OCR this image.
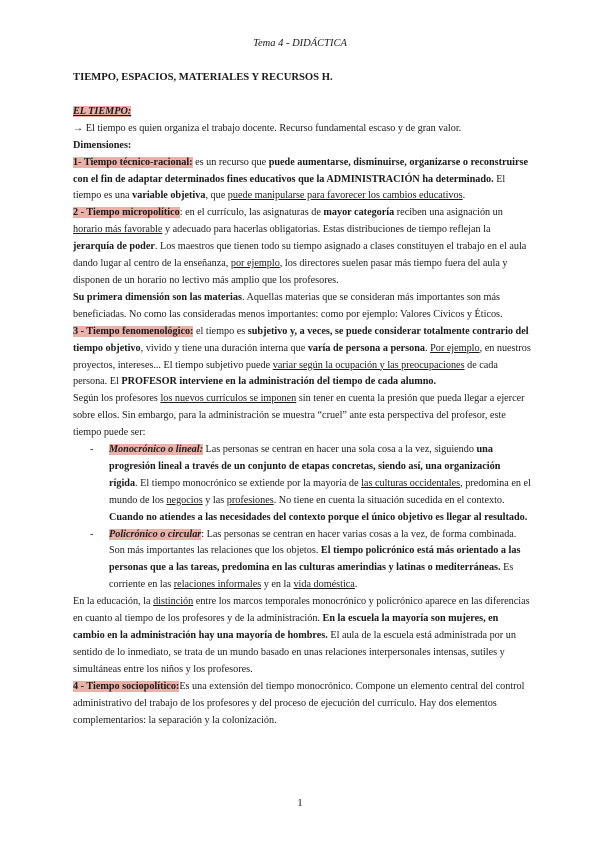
Tema 4 - DIDÁCTICA

TIEMPO, ESPACIOS, MATERIALES Y RECURSOS H.

EL TIEMPO:

→ El tiempo es quien organiza el trabajo docente. Recurso fundamental escaso y de gran valor.

Dimensiones:

1- Tiempo técnico-racional: es un recurso que puede aumentarse, disminuirse, organizarse o reconstruirse con el fin de adaptar determinados fines educativos que la ADMINISTRACIÓN ha determinado. El tiempo es una variable objetiva, que puede manipularse para favorecer los cambios educativos.

2 - Tiempo micropolítico: en el currículo, las asignaturas de mayor categoría reciben una asignación un horario más favorable y adecuado para hacerlas obligatorias. Estas distribuciones de tiempo reflejan la jerarquía de poder. Los maestros que tienen todo su tiempo asignado a clases constituyen el trabajo en el aula dando lugar al centro de la enseñanza, por ejemplo, los directores suelen pasar más tiempo fuera del aula y disponen de un horario no lectivo más amplio que los profesores.

Su primera dimensión son las materias. Aquellas materias que se consideran más importantes son más beneficiadas. No como las consideradas menos importantes: como por ejemplo: Valores Cívicos y Éticos.

3 - Tiempo fenomenológico: el tiempo es subjetivo y, a veces, se puede considerar totalmente contrario del tiempo objetivo, vivido y tiene una duración interna que varía de persona a persona. Por ejemplo, en nuestros proyectos, intereses... El tiempo subjetivo puede variar según la ocupación y las preocupaciones de cada persona. El PROFESOR interviene en la administración del tiempo de cada alumno.

Según los profesores los nuevos currículos se imponen sin tener en cuenta la presión que pueda llegar a ejercer sobre ellos. Sin embargo, para la administración se muestra “cruel” ante esta perspectiva del profesor, este tiempo puede ser:

- Monocrónico o lineal: Las personas se centran en hacer una sola cosa a la vez, siguiendo una progresión lineal a través de un conjunto de etapas concretas, siendo así, una organización rígida. El tiempo monocrónico se extiende por la mayoría de las culturas occidentales, predomina en el mundo de los negocios y las profesiones. No tiene en cuenta la situación sucedida en el contexto. Cuando no atiendes a las necesidades del contexto porque el único objetivo es llegar al resultado.
- Policrónico o circular: Las personas se centran en hacer varias cosas a la vez, de forma combinada. Son más importantes las relaciones que los objetos. El tiempo policrónico está más orientado a las personas que a las tareas, predomina en las culturas amerindias y latinas o mediterráneas. Es corriente en las relaciones informales y en la vida doméstica.

En la educación, la distinción entre los marcos temporales monocrónico y policrónico aparece en las diferencias en cuanto al tiempo de los profesores y de la administración. En la escuela la mayoría son mujeres, en cambio en la administración hay una mayoría de hombres. El aula de la escuela está administrada por un sentido de lo inmediato, se trata de un mundo basado en unas relaciones interpersonales intensas, sutiles y simultáneas entre los niños y los profesores.

4 - Tiempo sociopolítico:Es una extensión del tiempo monocrónico. Compone un elemento central del control administrativo del trabajo de los profesores y del proceso de ejecución del currículo. Hay dos elementos complementarios: la separación y la colonización.

1
